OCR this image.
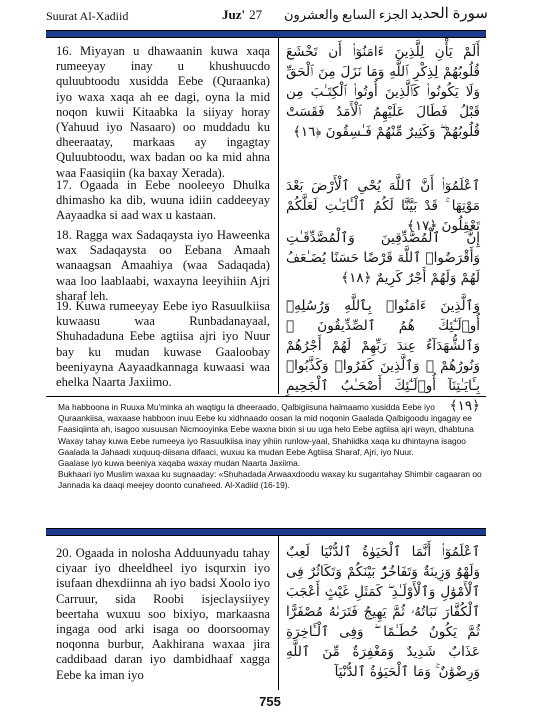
Suurat Al-Xadiid	Juz' 27 الجزء السابع والعشرون سورة الحديد
16. Miyayan u dhawaanin kuwa xaqa rumeeyay inay u khushuucdo quluubtoodu xusidda Eebe (Quraanka) iyo waxa xaqa ah ee dagi, oyna la mid noqon kuwii Kitaabka la siiyay horay (Yahuud iyo Nasaaro) oo muddadu ku dheeraatay, markaas ay ingagtay Quluubtoodu, wax badan oo ka mid ahna waa Faasiqiin (ka baxay Xerada).
17. Ogaada in Eebe nooleeyo Dhulka dhimasho ka dib, wuuna idiin caddeeyay Aayaadka si aad wax u kastaan.
18. Ragga wax Sadaqaysta iyo Haweenka wax Sadaqaysta oo Eebana Amaah wanaagsan Amaahiya (waa Sadaqada) waa loo laablaabi, waxayna leeyihiin Ajri sharaf leh.
19. Kuwa rumeeyay Eebe iyo Rasuulkiisa kuwaasu waa Runbadanayaal, Shuhadaduna Eebe agtiisa ajri iyo Nuur bay ku mudan kuwase Gaaloobay beeniyayna Aayaadkannaga kuwaasi waa ehelka Naarta Jaxiimo.
أَلَمْ يَأْنِ لِلَّذِينَ ءَامَنُوٓا۟ أَن تَخْشَعَ قُلُوبُهُمْ لِذِكْرِ ٱللَّهِ وَمَا نَزَلَ مِنَ ٱلْحَقِّ وَلَا يَكُونُوا۟ كَٱلَّذِينَ أُوتُوا۟ ٱلْكِتَـٰبَ مِن قَبْلُ فَطَالَ عَلَيْهِمُ ٱلْأَمَدُ فَقَسَتْ قُلُوبُهُمْ ۖ وَكَثِيرٌ مِّنْهُمْ فَـٰسِقُونَ ﴿١٦﴾
ٱعْلَمُوٓا۟ أَنَّ ٱللَّهَ يُحْىِ ٱلْأَرْضَ بَعْدَ مَوْتِهَا ۚ قَدْ بَيَّنَّا لَكُمُ ٱلْـَٔايَـٰتِ لَعَلَّكُمْ تَعْقِلُونَ ﴿١٧﴾
إِنَّ ٱلْمُصَّدِّقِينَ وَٱلْمُصَّدِّقَـٰتِ وَأَقْرَضُوا۟ ٱللَّهَ قَرْضًا حَسَنًا يُضَـٰعَفُ لَهُمْ وَلَهُمْ أَجْرٌ كَرِيمٌ ﴿١٨﴾
وَٱلَّذِينَ ءَامَنُوا۟ بِٱللَّهِ وَرُسُلِهِۦٓ أُو۟لَـٰٓئِكَ هُمُ ٱلصِّدِّيقُونَ ۖ وَٱلشُّهَدَآءُ عِندَ رَبِّهِمْ لَهُمْ أَجْرُهُمْ وَنُورُهُمْ ۖ وَٱلَّذِينَ كَفَرُوا۟ وَكَذَّبُوا۟ بِـَٔايَـٰتِنَآ أُو۟لَـٰٓئِكَ أَصْحَـٰبُ ٱلْجَحِيمِ ﴿١٩﴾

Ma habboona in Ruuxa Mu'minka ah waqtigu la dheeraado, Qalbigiisuna halmaamo xusidda Eebe iyo Quraankiisa, waxaase habboon inuu Eebe ku xidhnaado oosan la mid noqonin Gaalada Qalbigoodu ingagay ee Faasiqiinta ah, isagoo xusuusan Nicmooyinka Eebe waxna bixin si uu uga helo Eebe agtiisa ajri wayn, dhabtuna Waxay tahay kuwa Eebe rumeeya iyo Rasuulkiisa inay yihiin runlow-yaal, Shahiidka xaqa ku dhintayna isagoo Gaalada la Jahaadi xuquuq-diisana difaaci, wuxuu ka mudan Eebe Agtiisa Sharaf, Ajri, iyo Nuur.

Gaalase iyo kuwa beeniya xaqaba waxay mudan Naarta Jaxiima.

Bukhaari iyo Muslim waxaa ku sugnaaday: «Shuhadada Arwaaxdoodu waxay ku sugantahay Shimbir cagaaran oo Jannada ka daaqi meejey doonto cunaheed. Al-Xadiid (16-19).

20. Ogaada in nolosha Adduunyadu tahay ciyaar iyo dheeldheel iyo isqurxin iyo isufaan dhexdiinna ah iyo badsi Xoolo iyo Carruur, sida Roobi isjeclaysiiyey beertaha wuxuu soo bixiyo, markaasna ingaga ood arki isaga oo doorsoomay noqonna burbur, Aakhirana waxaa jira caddibaad daran iyo dambidhaaf xagga Eebe ka iman iyo
ٱعْلَمُوٓا۟ أَنَّمَا ٱلْحَيَوٰةُ ٱلدُّنْيَا لَعِبٌ وَلَهْوٌ وَزِينَةٌ وَتَفَاخُرٌۢ بَيْنَكُمْ وَتَكَاثُرٌ فِى ٱلْأَمْوَٰلِ وَٱلْأَوْلَـٰدِ ۖ كَمَثَلِ غَيْثٍ أَعْجَبَ ٱلْكُفَّارَ نَبَاتُهُۥ ثُمَّ يَهِيجُ فَتَرَىٰهُ مُصْفَرًّا ثُمَّ يَكُونُ حُطَـٰمًا ۖ وَفِى ٱلْـَٔاخِرَةِ عَذَابٌ شَدِيدٌ وَمَغْفِرَةٌ مِّنَ ٱللَّهِ وَرِضْوَٰنٌ ۚ وَمَا ٱلْحَيَوٰةُ ٱلدُّنْيَآ
755
